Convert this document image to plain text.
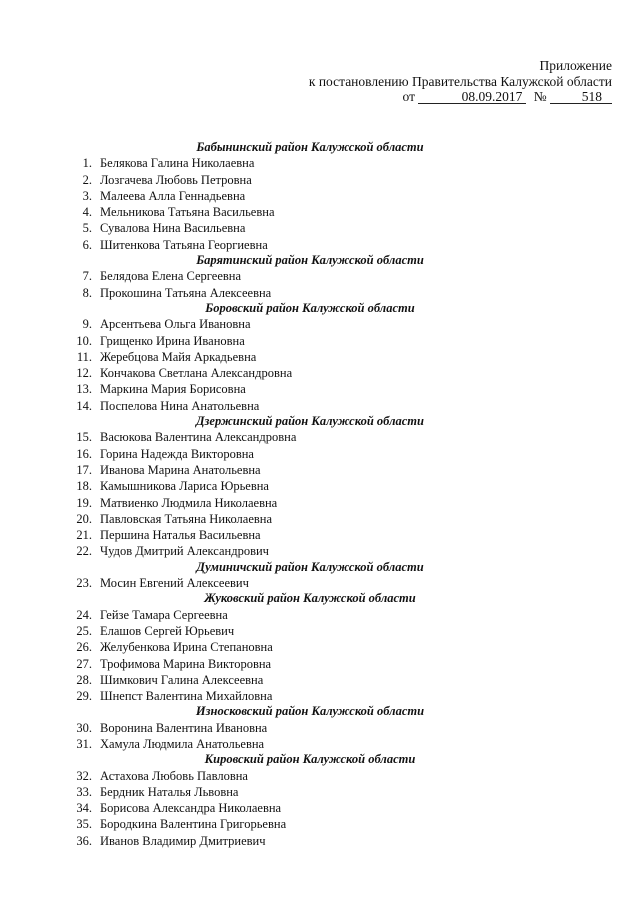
Приложение
к постановлению Правительства Калужской области
от	08.09.2017 №	518
Бабынинский район Калужской области
1. Белякова Галина Николаевна
2. Лозгачева Любовь Петровна
3. Малеева Алла Геннадьевна
4. Мельникова Татьяна Васильевна
5. Сувалова Нина Васильевна
6. Шитенкова Татьяна Георгиевна
Барятинский район Калужской области
7. Белядова Елена Сергеевна
8. Прокошина Татьяна Алексеевна
Боровский район Калужской области
9. Арсентьева Ольга Ивановна
10. Грищенко Ирина Ивановна
11. Жеребцова Майя Аркадьевна
12. Кончакова Светлана Александровна
13. Маркина Мария Борисовна
14. Поспелова Нина Анатольевна
Дзержинский район Калужской области
15. Васюкова Валентина Александровна
16. Горина Надежда Викторовна
17. Иванова Марина Анатольевна
18. Камышникова Лариса Юрьевна
19. Матвиенко Людмила Николаевна
20. Павловская Татьяна Николаевна
21. Першина Наталья Васильевна
22. Чудов Дмитрий Александрович
Думиничский район Калужской области
23. Мосин Евгений Алексеевич
Жуковский район Калужской области
24. Гейзе Тамара Сергеевна
25. Елашов Сергей Юрьевич
26. Желубенкова Ирина Степановна
27. Трофимова Марина Викторовна
28. Шимкович Галина Алексеевна
29. Шнепст Валентина Михайловна
Износковский район Калужской области
30. Воронина Валентина Ивановна
31. Хамула Людмила Анатольевна
Кировский район Калужской области
32. Астахова Любовь Павловна
33. Бердник Наталья Львовна
34. Борисова Александра Николаевна
35. Бородкина Валентина Григорьевна
36. Иванов Владимир Дмитриевич
